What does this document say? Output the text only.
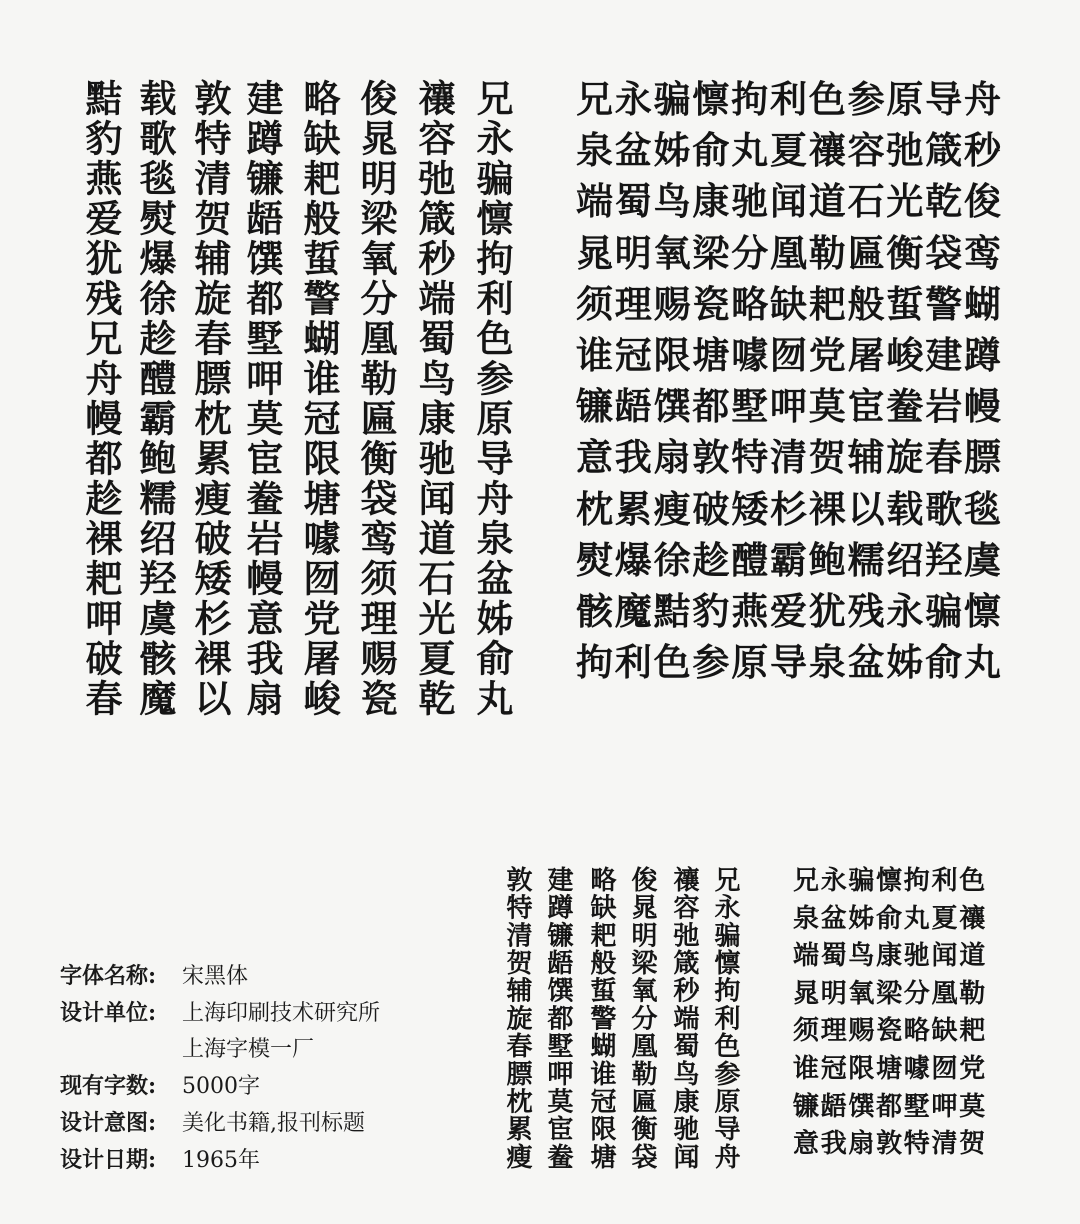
兄永骗懔拘利色参原导舟泉盆姊俞丸
禳容弛箴秒端蜀鸟康驰闻道石光夏乾
俊晁明梁氧分凰勒匾衡袋鸾须理赐瓷
略缺耙般蜇警蝴谁冠限塘噱囫党屠峻
建蹲镰龉馔都墅呷莫宦鲞岩幔意我扇
敦特清贺辅旋春膘枕累瘦破矮杉裸以
载歌毯熨爆徐趁醴霸鲍糯绍羟虞骸魔
黠豹燕爱犹残兄舟幔都趁裸耙呷破春	兄永骗懔拘利色参原导舟
泉盆姊俞丸夏禳容弛箴秒
端蜀鸟康驰闻道石光乾俊
晁明氧梁分凰勒匾衡袋鸾
须理赐瓷略缺耙般蜇警蝴
谁冠限塘噱囫党屠峻建蹲
镰龉馔都墅呷莫宦鲞岩幔
意我扇敦特清贺辅旋春膘
枕累瘦破矮杉裸以载歌毯
熨爆徐趁醴霸鲍糯绍羟虞
骸魔黠豹燕爱犹残永骗懔
拘利色参原导泉盆姊俞丸
字体名称: 宋黑体
设计单位: 上海印刷技术研究所
上海字模一厂
现有字数: 5000字
设计意图: 美化书籍,报刊标题
设计日期: 1965年	兄永骗懔拘利色参原导舟
禳容弛箴秒端蜀鸟康驰闻
俊晁明梁氧分凰勒匾衡袋
略缺耙般蜇警蝴谁冠限塘
建蹲镰龉馔都墅呷莫宦鲞
敦特清贺辅旋春膘枕累瘦	兄永骗懔拘利色
泉盆姊俞丸夏禳
端蜀鸟康驰闻道
晁明氧梁分凰勒
须理赐瓷略缺耙
谁冠限塘噱囫党
镰龉馔都墅呷莫
意我扇敦特清贺
